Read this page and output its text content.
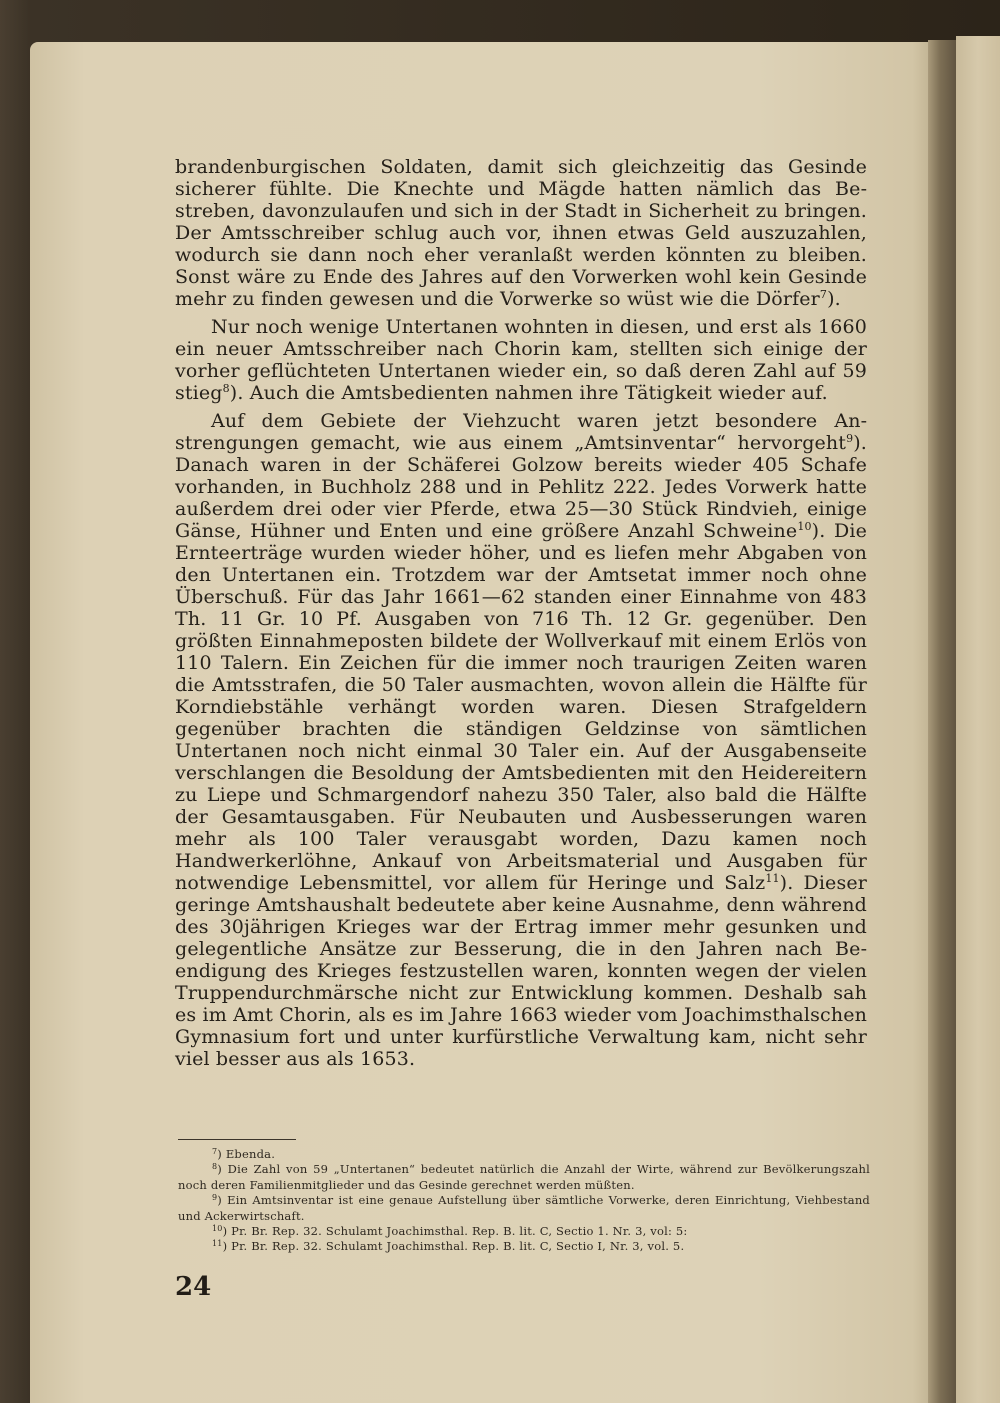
brandenburgischen Soldaten, damit sich gleichzeitig das Gesinde sicherer fühlte. Die Knechte und Mägde hatten nämlich das Bestreben, davonzulaufen und sich in der Stadt in Sicherheit zu bringen. Der Amtsschreiber schlug auch vor, ihnen etwas Geld auszuzahlen, wodurch sie dann noch eher veranlaßt werden könnten zu bleiben. Sonst wäre zu Ende des Jahres auf den Vorwerken wohl kein Gesinde mehr zu finden gewesen und die Vorwerke so wüst wie die Dörfer$^7$).

Nur noch wenige Untertanen wohnten in diesen, und erst als 1660 ein neuer Amtsschreiber nach Chorin kam, stellten sich einige der vorher geflüchteten Untertanen wieder ein, so daß deren Zahl auf 59 stieg$^8$). Auch die Amtsbedienten nahmen ihre Tätigkeit wieder auf.

Auf dem Gebiete der Viehzucht waren jetzt besondere Anstrengungen gemacht, wie aus einem „Amtsinventar“ hervorgeht$^9$). Danach waren in der Schäferei Golzow bereits wieder 405 Schafe vorhanden, in Buchholz 288 und in Pehlitz 222. Jedes Vorwerk hatte außerdem drei oder vier Pferde, etwa 25—30 Stück Rindvieh, einige Gänse, Hühner und Enten und eine größere Anzahl Schweine$^{10}$). Die Ernteerträge wurden wieder höher, und es liefen mehr Abgaben von den Untertanen ein. Trotzdem war der Amtsetat immer noch ohne Überschuß. Für das Jahr 1661—62 standen einer Einnahme von 483 Th. 11 Gr. 10 Pf. Ausgaben von 716 Th. 12 Gr. gegenüber. Den größten Einnahmeposten bildete der Wollverkauf mit einem Erlös von 110 Talern. Ein Zeichen für die immer noch traurigen Zeiten waren die Amtsstrafen, die 50 Taler ausmachten, wovon allein die Hälfte für Korndiebstähle verhängt worden waren. Diesen Strafgeldern gegenüber brachten die ständigen Geldzinse von sämtlichen Untertanen noch nicht einmal 30 Taler ein. Auf der Ausgabenseite verschlangen die Besoldung der Amtsbedienten mit den Heidereitern zu Liepe und Schmargendorf nahezu 350 Taler, also bald die Hälfte der Gesamtausgaben. Für Neubauten und Ausbesserungen waren mehr als 100 Taler verausgabt worden, Dazu kamen noch Handwerkerlöhne, Ankauf von Arbeitsmaterial und Ausgaben für notwendige Lebensmittel, vor allem für Heringe und Salz$^{11}$). Dieser geringe Amtshaushalt bedeutete aber keine Ausnahme, denn während des 30jährigen Krieges war der Ertrag immer mehr gesunken und gelegentliche Ansätze zur Besserung, die in den Jahren nach Beendigung des Krieges festzustellen waren, konnten wegen der vielen Truppendurchmärsche nicht zur Entwicklung kommen. Deshalb sah es im Amt Chorin, als es im Jahre 1663 wieder vom Joachimsthalschen Gymnasium fort und unter kurfürstliche Verwaltung kam, nicht sehr viel besser aus als 1653.

$^7$) Ebenda.

$^8$) Die Zahl von 59 „Untertanen“ bedeutet natürlich die Anzahl der Wirte, während zur Bevölkerungszahl noch deren Familienmitglieder und das Gesinde gerechnet werden müßten.

$^9$) Ein Amtsinventar ist eine genaue Aufstellung über sämtliche Vorwerke, deren Einrichtung, Viehbestand und Ackerwirtschaft.

$^{10}$) Pr. Br. Rep. 32. Schulamt Joachimsthal. Rep. B. lit. C, Sectio 1. Nr. 3, vol: 5:

$^{11}$) Pr. Br. Rep. 32. Schulamt Joachimsthal. Rep. B. lit. C, Sectio I, Nr. 3, vol. 5.

24
